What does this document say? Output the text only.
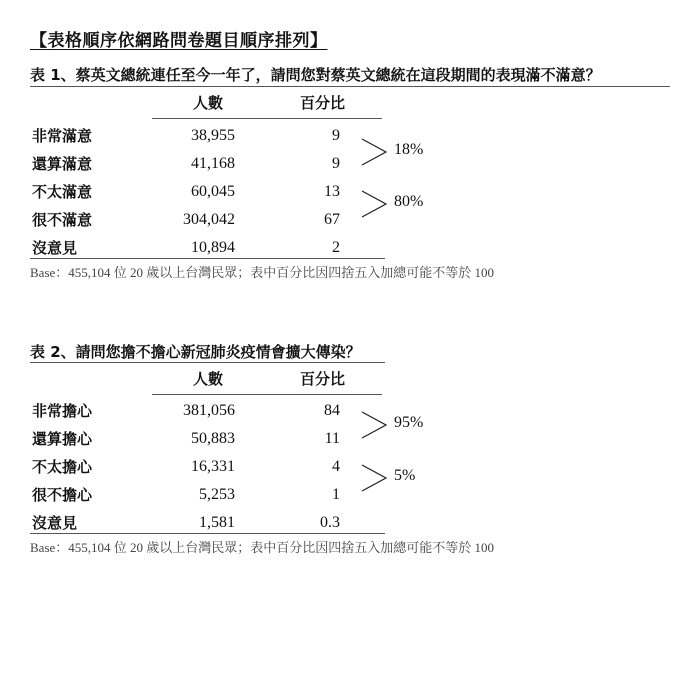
【表格順序依網路問卷題目順序排列】
表 1、蔡英文總統連任至今一年了，請問您對蔡英文總統在這段期間的表現滿不滿意？
人數	百分比
非常滿意	38,955	9
還算滿意	41,168	9
不太滿意	60,045	13
很不滿意	304,042	67
沒意見	10,894	2
18%
80%
Base：455,104 位 20 歲以上台灣民眾；表中百分比因四捨五入加總可能不等於 100
表 2、請問您擔不擔心新冠肺炎疫情會擴大傳染？
人數	百分比
非常擔心	381,056	84
還算擔心	50,883	11
不太擔心	16,331	4
很不擔心	5,253	1
沒意見	1,581	0.3
95%
5%
Base：455,104 位 20 歲以上台灣民眾；表中百分比因四捨五入加總可能不等於 100
